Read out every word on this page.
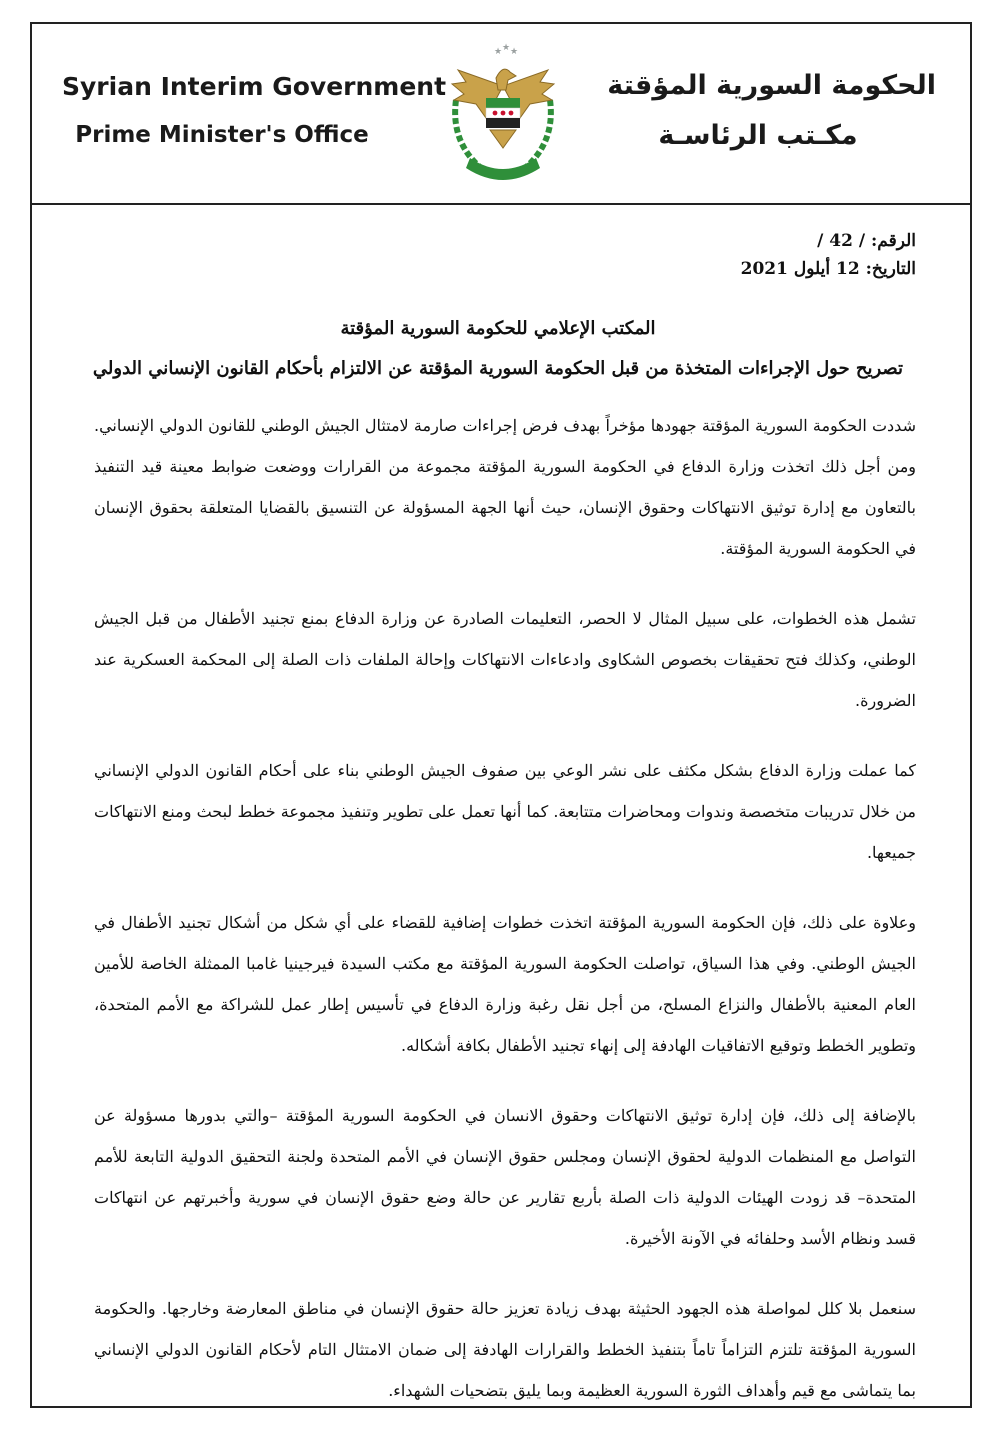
Syrian Interim Government
Prime Minister's Office
الحكومة السورية المؤقتة
مكـتب الرئاسـة
★ ★ ★
الرقم: / 42 /
التاريخ: 12 أيلول 2021
المكتب الإعلامي للحكومة السورية المؤقتة
تصريح حول الإجراءات المتخذة من قبل الحكومة السورية المؤقتة عن الالتزام بأحكام القانون الإنساني الدولي

شددت الحكومة السورية المؤقتة جهودها مؤخراً بهدف فرض إجراءات صارمة لامتثال الجيش الوطني للقانون الدولي الإنساني. ومن أجل ذلك اتخذت وزارة الدفاع في الحكومة السورية المؤقتة مجموعة من القرارات ووضعت ضوابط معينة قيد التنفيذ بالتعاون مع إدارة توثيق الانتهاكات وحقوق الإنسان، حيث أنها الجهة المسؤولة عن التنسيق بالقضايا المتعلقة بحقوق الإنسان في الحكومة السورية المؤقتة.

تشمل هذه الخطوات، على سبيل المثال لا الحصر، التعليمات الصادرة عن وزارة الدفاع بمنع تجنيد الأطفال من قبل الجيش الوطني، وكذلك فتح تحقيقات بخصوص الشكاوى وادعاءات الانتهاكات وإحالة الملفات ذات الصلة إلى المحكمة العسكرية عند الضرورة.

كما عملت وزارة الدفاع بشكل مكثف على نشر الوعي بين صفوف الجيش الوطني بناء على أحكام القانون الدولي الإنساني من خلال تدريبات متخصصة وندوات ومحاضرات متتابعة. كما أنها تعمل على تطوير وتنفيذ مجموعة خطط لبحث ومنع الانتهاكات جميعها.

وعلاوة على ذلك، فإن الحكومة السورية المؤقتة اتخذت خطوات إضافية للقضاء على أي شكل من أشكال تجنيد الأطفال في الجيش الوطني. وفي هذا السياق، تواصلت الحكومة السورية المؤقتة مع مكتب السيدة فيرجينيا غامبا الممثلة الخاصة للأمين العام المعنية بالأطفال والنزاع المسلح، من أجل نقل رغبة وزارة الدفاع في تأسيس إطار عمل للشراكة مع الأمم المتحدة، وتطوير الخطط وتوقيع الاتفاقيات الهادفة إلى إنهاء تجنيد الأطفال بكافة أشكاله.

بالإضافة إلى ذلك، فإن إدارة توثيق الانتهاكات وحقوق الانسان في الحكومة السورية المؤقتة –والتي بدورها مسؤولة عن التواصل مع المنظمات الدولية لحقوق الإنسان ومجلس حقوق الإنسان في الأمم المتحدة ولجنة التحقيق الدولية التابعة للأمم المتحدة– قد زودت الهيئات الدولية ذات الصلة بأربع تقارير عن حالة وضع حقوق الإنسان في سورية وأخبرتهم عن انتهاكات قسد ونظام الأسد وحلفائه في الآونة الأخيرة.

سنعمل بلا كلل لمواصلة هذه الجهود الحثيثة بهدف زيادة تعزيز حالة حقوق الإنسان في مناطق المعارضة وخارجها. والحكومة السورية المؤقتة تلتزم التزاماً تاماً بتنفيذ الخطط والقرارات الهادفة إلى ضمان الامتثال التام لأحكام القانون الدولي الإنساني بما يتماشى مع قيم وأهداف الثورة السورية العظيمة وبما يليق بتضحيات الشهداء.
